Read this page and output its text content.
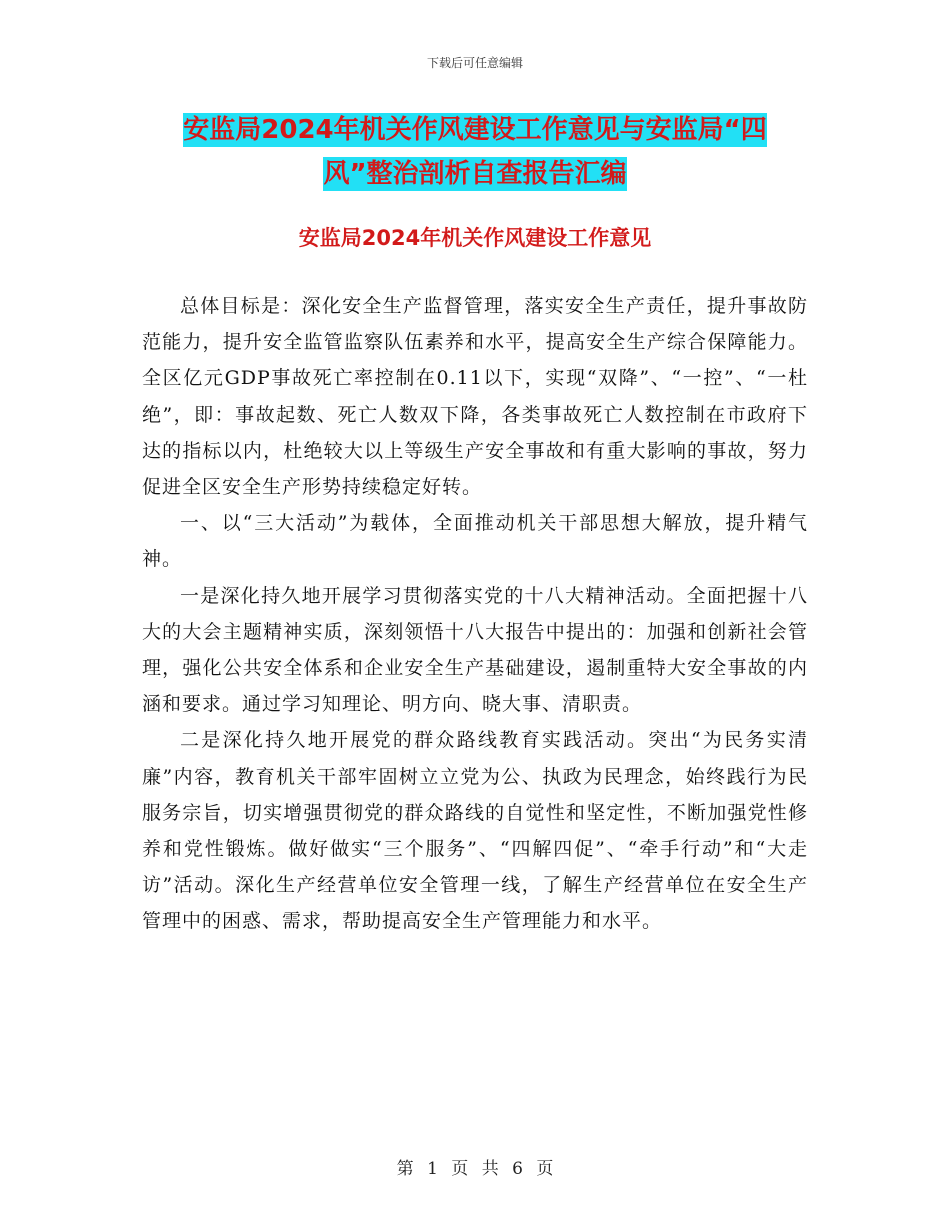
下载后可任意编辑
安监局2024年机关作风建设工作意见与安监局“四
风”整治剖析自查报告汇编
安监局2024年机关作风建设工作意见

总体目标是：深化安全生产监督管理，落实安全生产责任，提升事故防范能力，提升安全监管监察队伍素养和水平，提高安全生产综合保障能力。全区亿元GDP事故死亡率控制在0.11以下，实现“双降”、“一控”、“一杜绝”，即：事故起数、死亡人数双下降，各类事故死亡人数控制在市政府下达的指标以内，杜绝较大以上等级生产安全事故和有重大影响的事故，努力促进全区安全生产形势持续稳定好转。

一、以“三大活动”为载体，全面推动机关干部思想大解放，提升精气神。

一是深化持久地开展学习贯彻落实党的十八大精神活动。全面把握十八大的大会主题精神实质，深刻领悟十八大报告中提出的：加强和创新社会管理，强化公共安全体系和企业安全生产基础建设，遏制重特大安全事故的内涵和要求。通过学习知理论、明方向、晓大事、清职责。

二是深化持久地开展党的群众路线教育实践活动。突出“为民务实清廉”内容，教育机关干部牢固树立立党为公、执政为民理念，始终践行为民服务宗旨，切实增强贯彻党的群众路线的自觉性和坚定性，不断加强党性修养和党性锻炼。做好做实“三个服务”、“四解四促”、“牵手行动”和“大走访”活动。深化生产经营单位安全管理一线，了解生产经营单位在安全生产管理中的困惑、需求，帮助提高安全生产管理能力和水平。

第 1 页 共 6 页
